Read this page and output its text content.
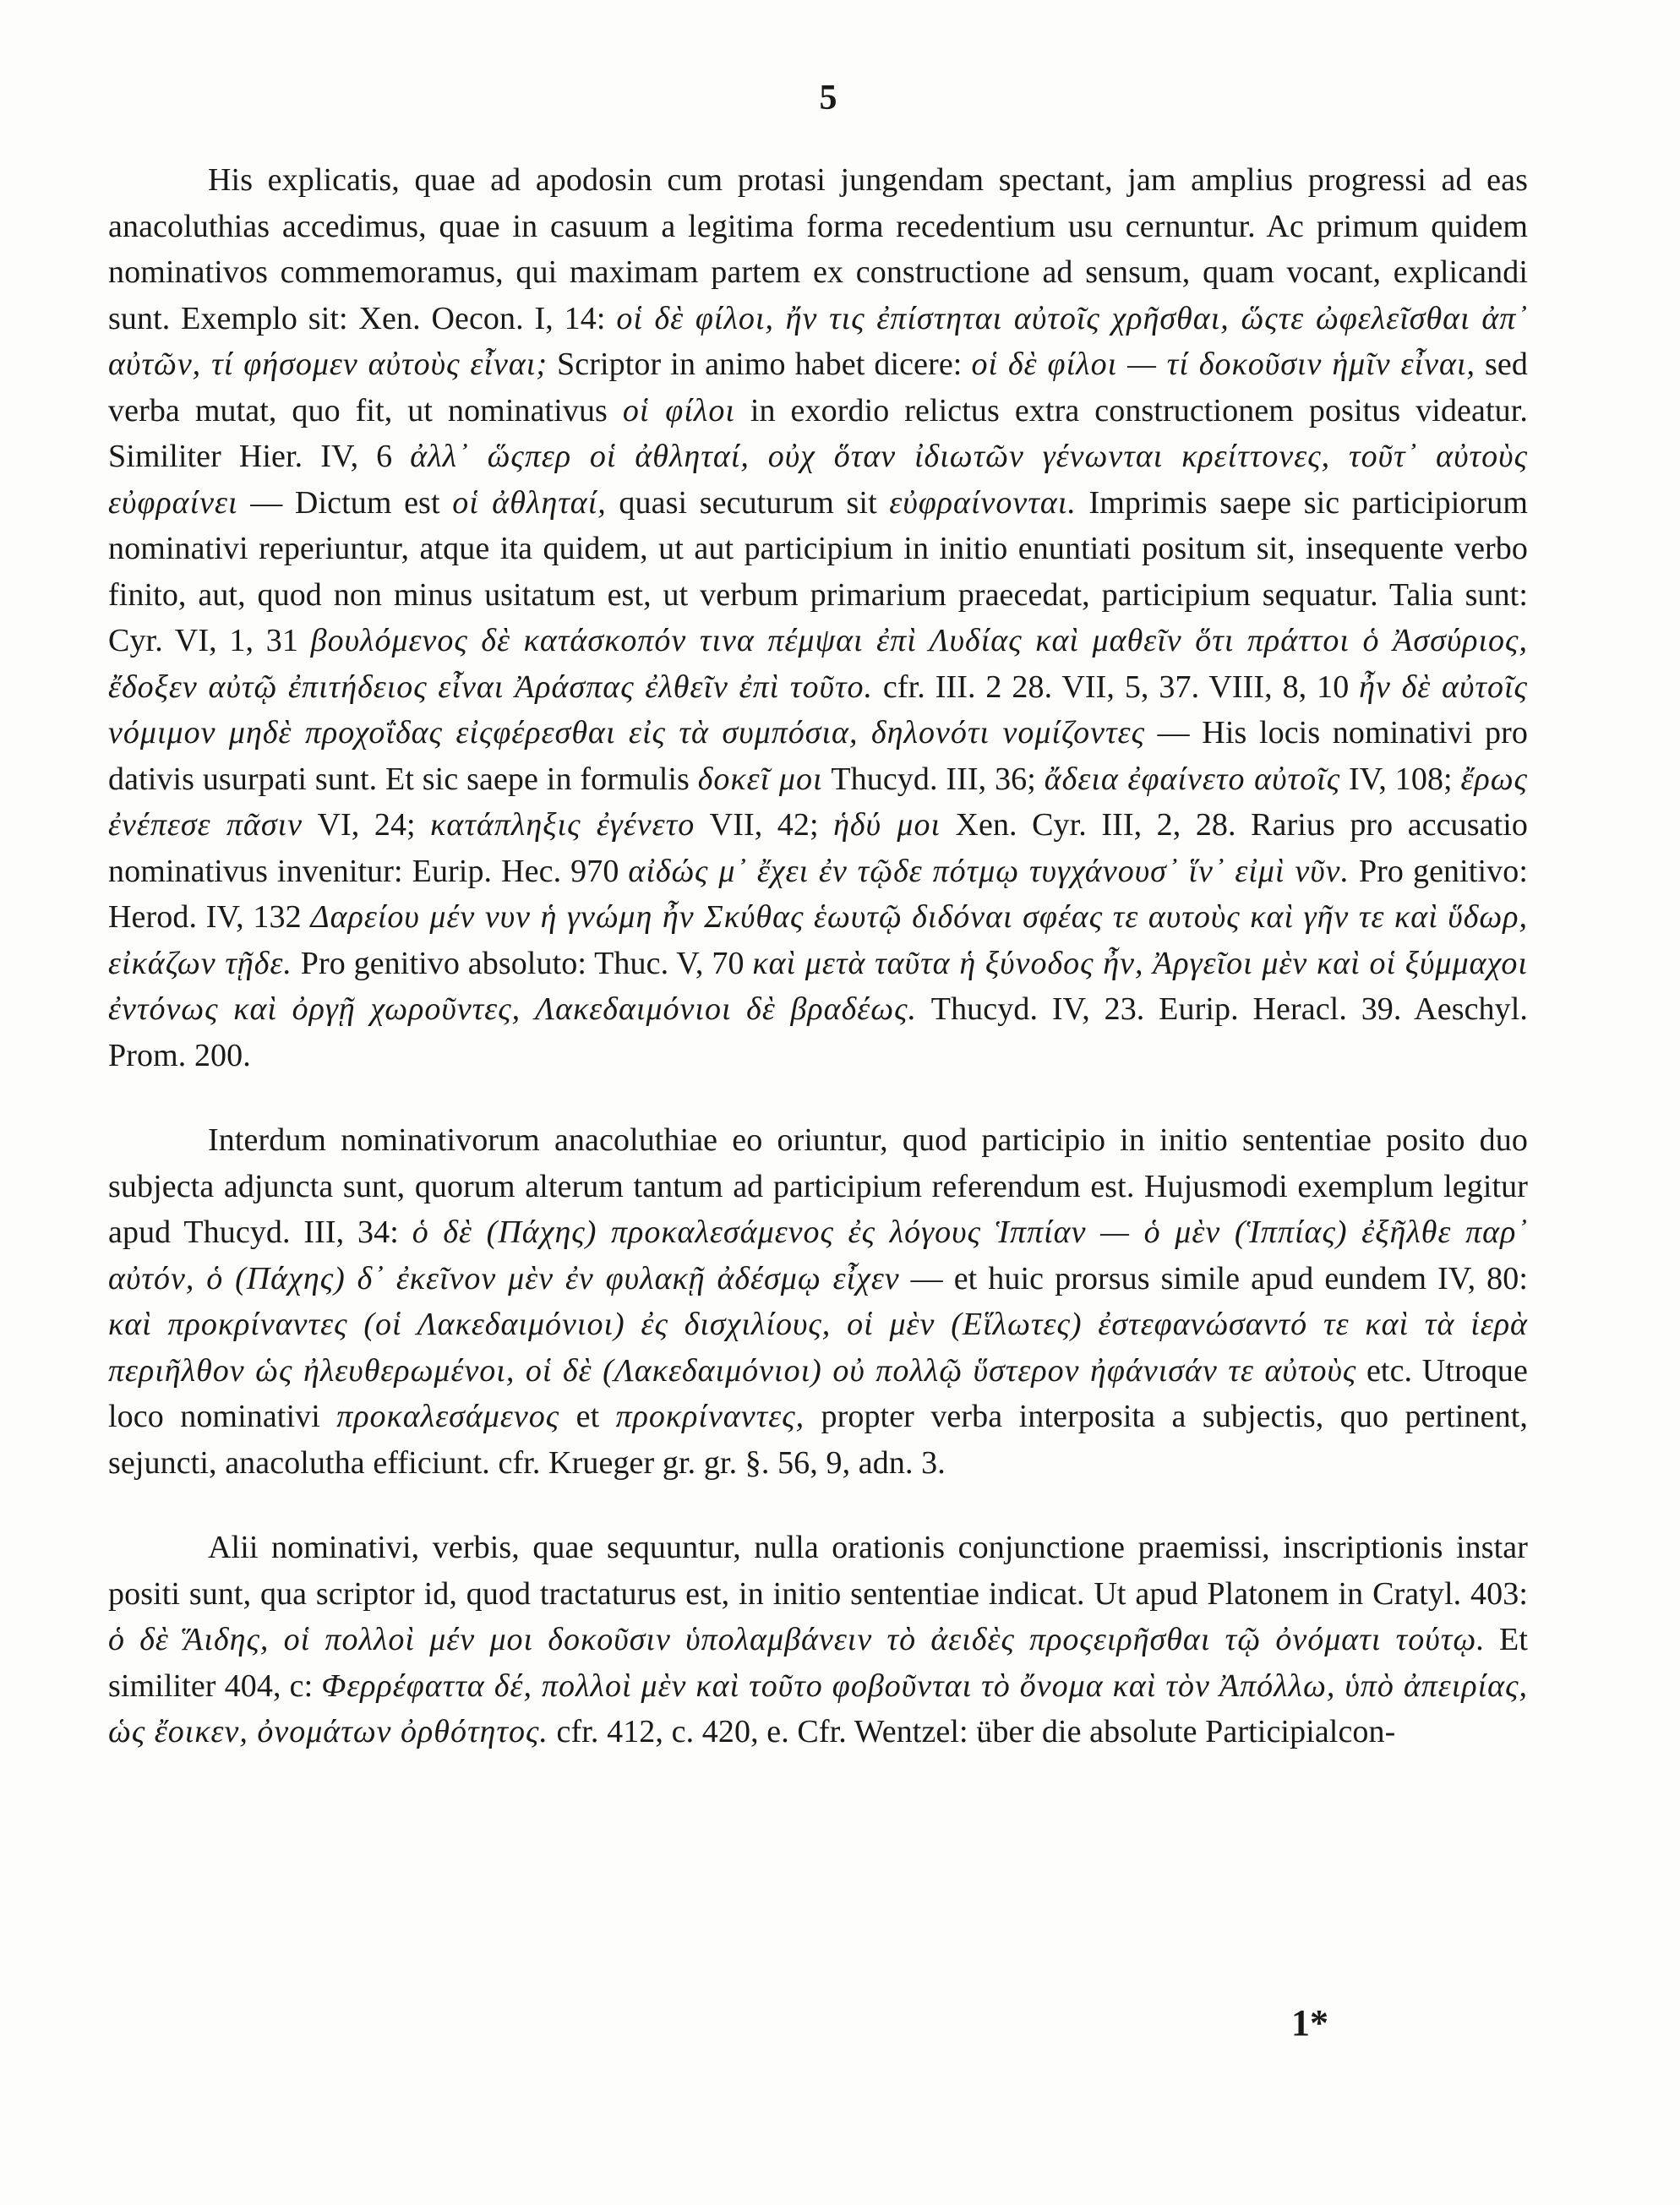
5

His explicatis, quae ad apodosin cum protasi jungendam spectant, jam amplius progressi ad eas anacoluthias accedimus, quae in casuum a legitima forma recedentium usu cernuntur. Ac primum quidem nominativos commemoramus, qui maximam partem ex constructione ad sensum, quam vocant, explicandi sunt. Exemplo sit: Xen. Oecon. I, 14: οἱ δὲ φίλοι, ἤν τις ἐπίστηται αὐτοῖς χρῆσθαι, ὥςτε ὠφελεῖσθαι ἀπ᾽ αὐτῶν, τί φήσομεν αὐτοὺς εἶναι; Scriptor in animo habet dicere: οἱ δὲ φίλοι — τί δοκοῦσιν ἡμῖν εἶναι, sed verba mutat, quo fit, ut nominativus οἱ φίλοι in exordio relictus extra constructionem positus videatur. Similiter Hier. IV, 6 ἀλλ᾽ ὥςπερ οἱ ἀθληταί, οὐχ ὅταν ἰδιωτῶν γένωνται κρείττονες, τοῦτ᾽ αὐτοὺς εὐφραίνει — Dictum est οἱ ἀθληταί, quasi secuturum sit εὐφραίνονται. Imprimis saepe sic participiorum nominativi reperiuntur, atque ita quidem, ut aut participium in initio enuntiati positum sit, insequente verbo finito, aut, quod non minus usitatum est, ut verbum primarium praecedat, participium sequatur. Talia sunt: Cyr. VI, 1, 31 βουλόμενος δὲ κατάσκοπόν τινα πέμψαι ἐπὶ Λυδίας καὶ μαθεῖν ὅτι πράττοι ὁ Ἀσσύριος, ἔδοξεν αὐτῷ ἐπιτήδειος εἶναι Ἀράσπας ἐλθεῖν ἐπὶ τοῦτο. cfr. III. 2 28. VII, 5, 37. VIII, 8, 10 ἦν δὲ αὐτοῖς νόμιμον μηδὲ προχοΐδας εἰςφέρεσθαι εἰς τὰ συμπόσια, δηλονότι νομίζοντες — His locis nominativi pro dativis usurpati sunt. Et sic saepe in formulis δοκεῖ μοι Thucyd. III, 36; ἄδεια ἐφαίνετο αὐτοῖς IV, 108; ἔρως ἐνέπεσε πᾶσιν VI, 24; κατάπληξις ἐγένετο VII, 42; ἡδύ μοι Xen. Cyr. III, 2, 28. Rarius pro accusatio nominativus invenitur: Eurip. Hec. 970 αἰδώς μ᾽ ἔχει ἐν τῷδε πότμῳ τυγχάνουσ᾽ ἵν᾽ εἰμὶ νῦν. Pro genitivo: Herod. IV, 132 Δαρείου μέν νυν ἡ γνώμη ἦν Σκύθας ἑωυτῷ διδόναι σφέας τε αυτοὺς καὶ γῆν τε καὶ ὕδωρ, εἰκάζων τῇδε. Pro genitivo absoluto: Thuc. V, 70 καὶ μετὰ ταῦτα ἡ ξύνοδος ἦν, Ἀργεῖοι μὲν καὶ οἱ ξύμμαχοι ἐντόνως καὶ ὀργῇ χωροῦντες, Λακεδαιμόνιοι δὲ βραδέως. Thucyd. IV, 23. Eurip. Heracl. 39. Aeschyl. Prom. 200.

Interdum nominativorum anacoluthiae eo oriuntur, quod participio in initio sententiae posito duo subjecta adjuncta sunt, quorum alterum tantum ad participium referendum est. Hujusmodi exemplum legitur apud Thucyd. III, 34: ὁ δὲ (Πάχης) προκαλεσάμενος ἐς λόγους Ἱππίαν — ὁ μὲν (Ἱππίας) ἐξῆλθε παρ᾽ αὐτόν, ὁ (Πάχης) δ᾽ ἐκεῖνον μὲν ἐν φυλακῇ ἀδέσμῳ εἶχεν — et huic prorsus simile apud eundem IV, 80: καὶ προκρίναντες (οἱ Λακεδαιμόνιοι) ἐς δισχιλίους, οἱ μὲν (Εἵλωτες) ἐστεφανώσαντό τε καὶ τὰ ἱερὰ περιῆλθον ὡς ἠλευθερωμένοι, οἱ δὲ (Λακεδαιμόνιοι) οὐ πολλῷ ὕστερον ἠφάνισάν τε αὐτοὺς etc. Utroque loco nominativi προκαλεσάμενος et προκρίναντες, propter verba interposita a subjectis, quo pertinent, sejuncti, anacolutha efficiunt. cfr. Krueger gr. gr. §. 56, 9, adn. 3.

Alii nominativi, verbis, quae sequuntur, nulla orationis conjunctione praemissi, inscriptionis instar positi sunt, qua scriptor id, quod tractaturus est, in initio sententiae indicat. Ut apud Platonem in Cratyl. 403: ὁ δὲ Ἅιδης, οἱ πολλοὶ μέν μοι δοκοῦσιν ὑπολαμβάνειν τὸ ἀειδὲς προςειρῆσθαι τῷ ὀνόματι τούτῳ. Et similiter 404, c: Φερρέφαττα δέ, πολλοὶ μὲν καὶ τοῦτο φοβοῦνται τὸ ὄνομα καὶ τὸν Ἀπόλλω, ὑπὸ ἀπειρίας, ὡς ἔοικεν, ὀνομάτων ὀρθότητος. cfr. 412, c. 420, e. Cfr. Wentzel: über die absolute Participialcon-

1*
